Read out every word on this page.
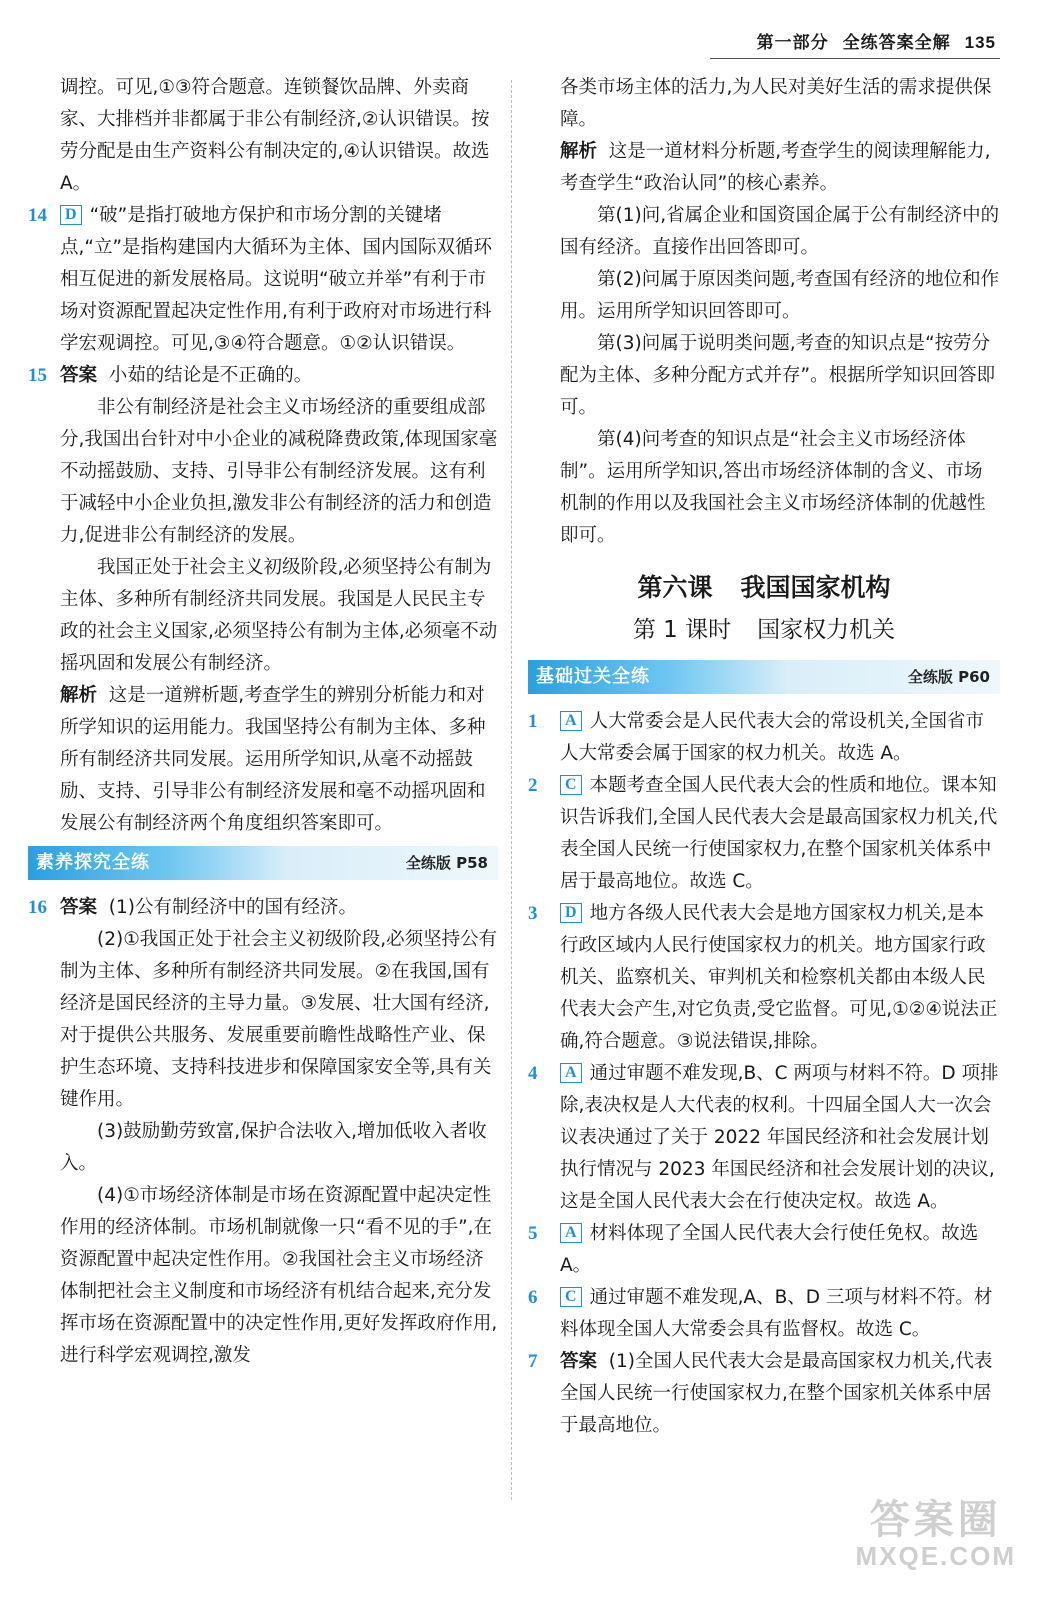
第一部分 全练答案全解 135

调控。可见,①③符合题意。连锁餐饮品牌、外卖商家、大排档并非都属于非公有制经济,②认识错误。按劳分配是由生产资料公有制决定的,④认识错误。故选 A。

14	D “破”是指打破地方保护和市场分割的关键堵点,“立”是指构建国内大循环为主体、国内国际双循环相互促进的新发展格局。这说明“破立并举”有利于市场对资源配置起决定性作用,有利于政府对市场进行科学宏观调控。可见,③④符合题意。①②认识错误。
15 答案 小茹的结论是不正确的。

非公有制经济是社会主义市场经济的重要组成部分,我国出台针对中小企业的减税降费政策,体现国家毫不动摇鼓励、支持、引导非公有制经济发展。这有利于减轻中小企业负担,激发非公有制经济的活力和创造力,促进非公有制经济的发展。

我国正处于社会主义初级阶段,必须坚持公有制为主体、多种所有制经济共同发展。我国是人民民主专政的社会主义国家,必须坚持公有制为主体,必须毫不动摇巩固和发展公有制经济。

解析 这是一道辨析题,考查学生的辨别分析能力和对所学知识的运用能力。我国坚持公有制为主体、多种所有制经济共同发展。运用所学知识,从毫不动摇鼓励、支持、引导非公有制经济发展和毫不动摇巩固和发展公有制经济两个角度组织答案即可。

素养探究全练	全练版 P58
16 答案 (1)公有制经济中的国有经济。

(2)①我国正处于社会主义初级阶段,必须坚持公有制为主体、多种所有制经济共同发展。②在我国,国有经济是国民经济的主导力量。③发展、壮大国有经济,对于提供公共服务、发展重要前瞻性战略性产业、保护生态环境、支持科技进步和保障国家安全等,具有关键作用。

(3)鼓励勤劳致富,保护合法收入,增加低收入者收入。

(4)①市场经济体制是市场在资源配置中起决定性作用的经济体制。市场机制就像一只“看不见的手”,在资源配置中起决定性作用。②我国社会主义市场经济体制把社会主义制度和市场经济有机结合起来,充分发挥市场在资源配置中的决定性作用,更好发挥政府作用,进行科学宏观调控,激发

各类市场主体的活力,为人民对美好生活的需求提供保障。

解析 这是一道材料分析题,考查学生的阅读理解能力,考查学生“政治认同”的核心素养。

第(1)问,省属企业和国资国企属于公有制经济中的国有经济。直接作出回答即可。

第(2)问属于原因类问题,考查国有经济的地位和作用。运用所学知识回答即可。

第(3)问属于说明类问题,考查的知识点是“按劳分配为主体、多种分配方式并存”。根据所学知识回答即可。

第(4)问考查的知识点是“社会主义市场经济体制”。运用所学知识,答出市场经济体制的含义、市场机制的作用以及我国社会主义市场经济体制的优越性即可。

第六课 我国国家机构
第 1 课时 国家权力机关
基础过关全练	全练版 P60
1	A 人大常委会是人民代表大会的常设机关,全国省市人大常委会属于国家的权力机关。故选 A。
2	C 本题考查全国人民代表大会的性质和地位。课本知识告诉我们,全国人民代表大会是最高国家权力机关,代表全国人民统一行使国家权力,在整个国家机关体系中居于最高地位。故选 C。
3	D 地方各级人民代表大会是地方国家权力机关,是本行政区域内人民行使国家权力的机关。地方国家行政机关、监察机关、审判机关和检察机关都由本级人民代表大会产生,对它负责,受它监督。可见,①②④说法正确,符合题意。③说法错误,排除。
4	A 通过审题不难发现,B、C 两项与材料不符。D 项排除,表决权是人大代表的权利。十四届全国人大一次会议表决通过了关于 2022 年国民经济和社会发展计划执行情况与 2023 年国民经济和社会发展计划的决议,这是全国人民代表大会在行使决定权。故选 A。
5	A 材料体现了全国人民代表大会行使任免权。故选 A。
6	C 通过审题不难发现,A、B、D 三项与材料不符。材料体现全国人大常委会具有监督权。故选 C。
7	答案 (1)全国人民代表大会是最高国家权力机关,代表全国人民统一行使国家权力,在整个国家机关体系中居于最高地位。
答案圈
MXQE.COM
